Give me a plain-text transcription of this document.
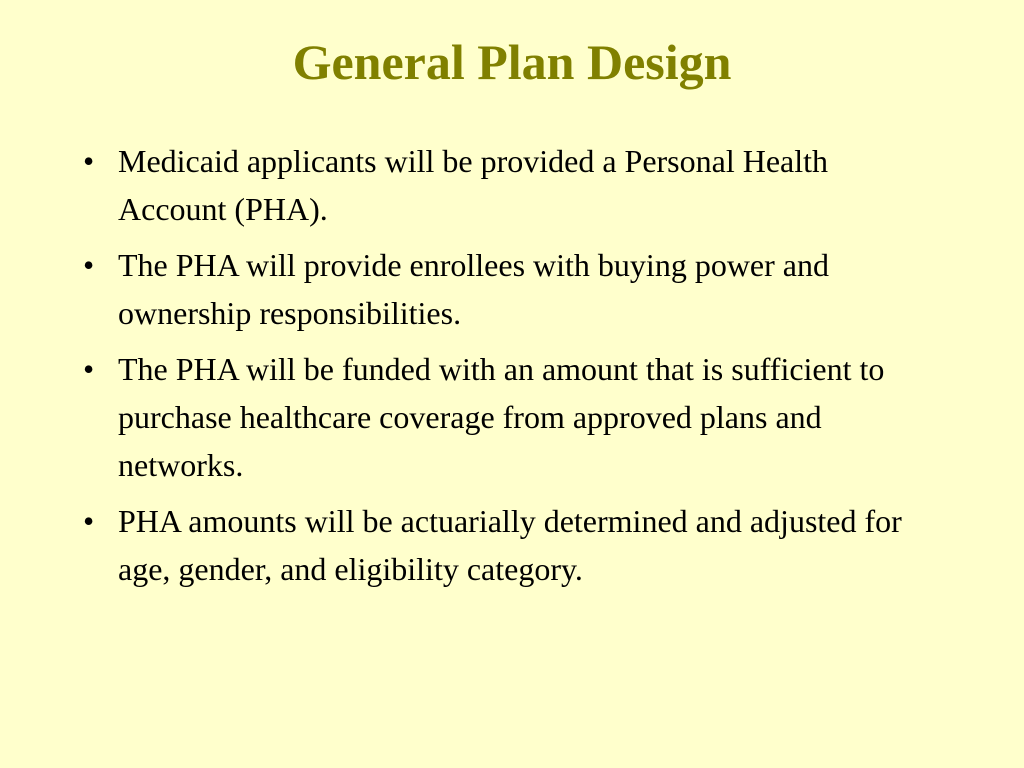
General Plan Design
• Medicaid applicants will be provided a Personal Health Account (PHA).
• The PHA will provide enrollees with buying power and ownership responsibilities.
• The PHA will be funded with an amount that is sufficient to purchase healthcare coverage from approved plans and networks.
• PHA amounts will be actuarially determined and adjusted for age, gender, and eligibility category.
